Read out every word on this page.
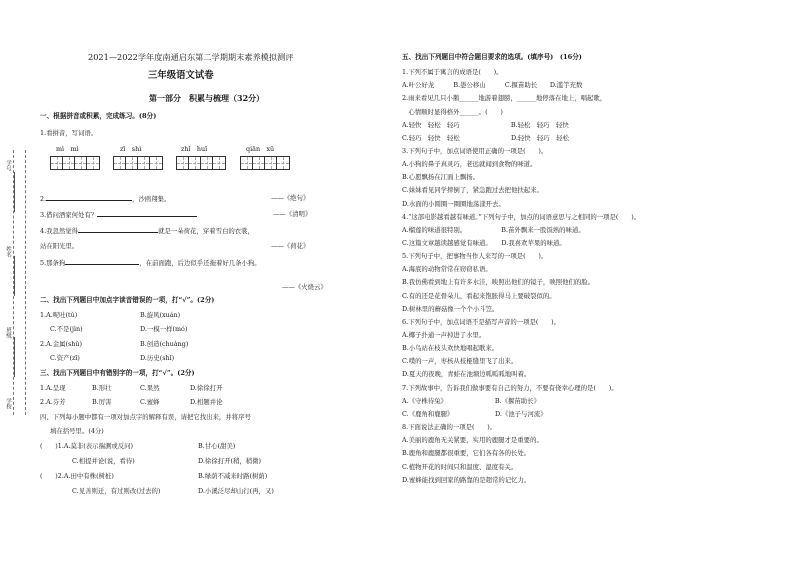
学号
姓名
班级
学校
2021—2022学年度南通启东第二学期期末素养模拟测评
三年级语文试卷
第一部分　积累与梳理（32分）
一、根据拼音或积累，完成练习。(8分)
1.看拼音，写词语。
mì　mì	zī　shì	zhǐ　huī	qiān　xū
2.	，沙鸥翔集。	——《绝句》
3.借问酒家何处有？	——《清明》
4.我忽然觉得	就是一朵荷花，穿着雪白的衣裳，
站在阳光里。	——《荷花》
5.那条狗	，在前面跑，后边似乎还拖着好几条小狗。
——《火烧云》
二、找出下列题目中加点字读音错误的一项，打“√”。(2分)
1.A.呢吐(tǔ)	B.旋风(xuán)
C.不是(jìn)	D.一模一样(mó)
2.A.金属(shǔ)	B.创造(chuàng)
C.资产(zī)	D.历史(shǐ)
三、找出下列题目中有错别字的一项，打“√”。(2分)
1.A.呈现	B.形壮	C.果然	D.徐徐打开
2.A.芬芳	B.厉害	C.蜜蜂	D.相题并论
四、下列每小题中都有一项对加点字的解释有误，请把它找出来，并将序号
填在括号里。(4分)
(　　)1.A.莫非(表示揣测或反问)	B.甘心(甜美)
C.相提并论(说，看待)	D.徐徐打开(稍，稍微)
(　　)2.A.田中有株(树桩)	B.绿荫不减来时路(树荫)
C.见善则迁，有过则改(过去的)	D.小溪泛尽却山行(再，又)
五、找出下列题目中符合题目要求的选项。(填序号)　(16分)
1.下列不属于寓言的成语是(　　)。
A.叶公好龙　　　B.愚公移山　　　C.揠苗助长　　D.滥竽充数
2.雨来看见几只小鹅______地游着翅膀，______地停落在地上，唱起歌，
　心情顺时显得格外______。(　　)
A.轻快　轻松　轻巧　　　　　　　　B.轻松　轻巧　轻快
C.轻巧　轻快　轻松　　　　　　　　D.轻快　轻巧　轻松
3.下列句子中，加点词语使用正确的一项是(　　)。
A.小狗的鼻子真灵巧，老远就闻到食物的味道。
B.心愿飘扬在江面上飘扬。
C.妹妹看见同学摔倒了，紧急跑过去把他扶起来。
D.水面的小圆圈一圈圈地荡漾开去。
4.“这部电影越看越有味道。”下列句子中，加点的词语意思与之相同的一项是(　　)。
A.榴莲的味道很特别。　　　　　　B.苗外飘来一股饭熟的味道。
C.这篇文章越读越感觉有味道。　　D.我喜欢苹果的味道。
5.下列句子中，把事物当作人来写的一项是(　　)。
A.海底的动物常常在窃窃私语。
B.我仿佛看到地上有许多水洼，映照出他们的镜子，映照他们的脸。
C.有的还是花骨朵儿，看起来饱胀得马上要破裂似的。
D.树林里的蘑菇像一个个小斗笠。
6.下列句子中，加点词语不是描写声音的一项是(　　)。
A.椰子扑通一声掉进了水里。
B.小鸟站在枝头欢快地唱起歌来。
C.噗的一声，枣核从枝桠缝里飞了出来。
D.夏天的夜晚，青蛙在池塘边呱呱呱地叫着。
7.下列故事中，告诉我们做事要有自己的努力，不要有侥幸心理的是(　　)。
A.《守株待兔》　　　　　　　　B.《揠苗助长》
C.《鹿角和鹿腿》　　　　　　　D.《池子与河流》
8.下面说法正确的一项是(　　)。
A.美丽的鹿角无关紧要，实用的鹿腿才是重要的。
B.鹿角和鹿腿都很重要，它们各有各的长处。
C.植物开花的时间只和温度、湿度有关。
D.蜜蜂能找到回家的路靠的是超常的记忆力。
